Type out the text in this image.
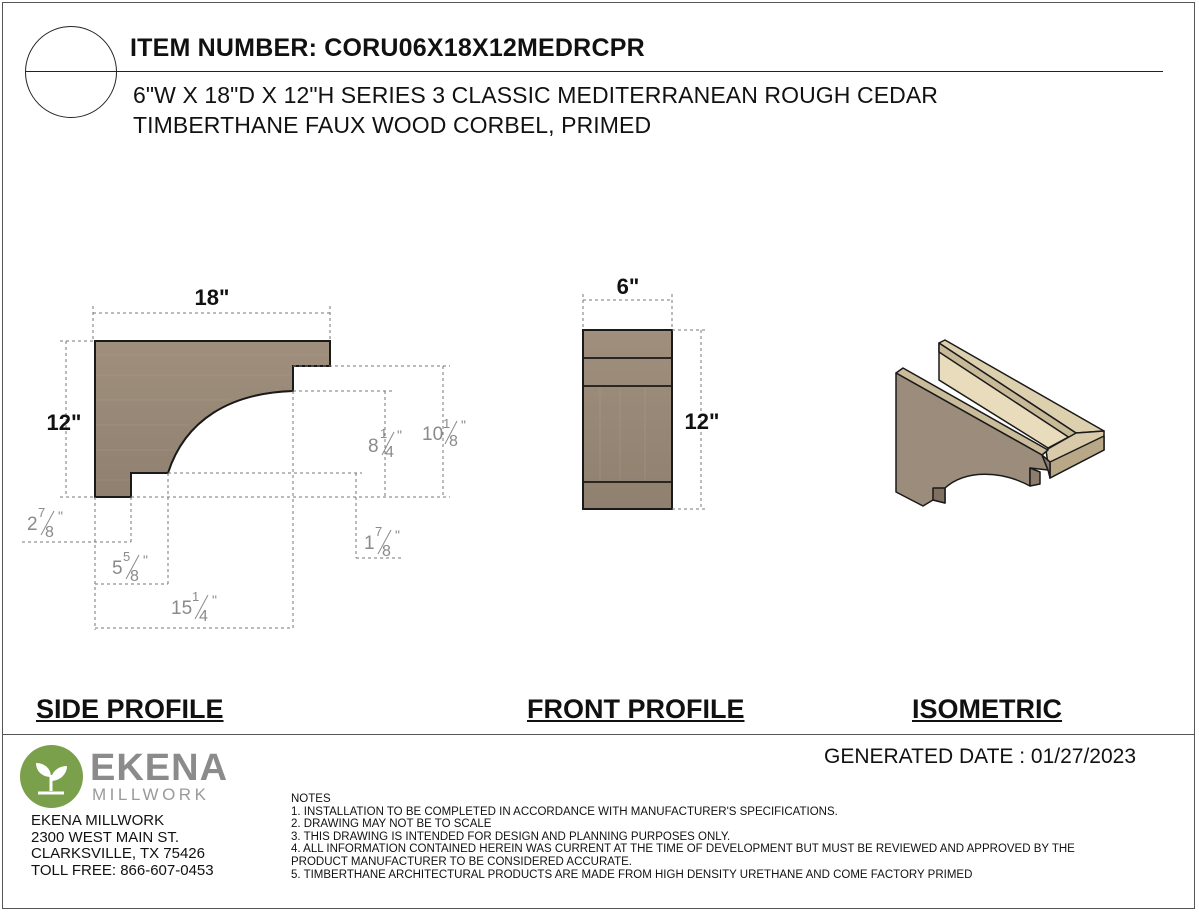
ITEM NUMBER: CORU06X18X12MEDRCPR
6"W X 18"D X 12"H SERIES 3 CLASSIC MEDITERRANEAN ROUGH CEDAR
TIMBERTHANE FAUX WOOD CORBEL, PRIMED
18"
12"
8
1
4
" 10
1
8
"
2
7
8
"
1
7
8
"
5
5
8
"
15
1
4
"
6"
12"
SIDE PROFILE	FRONT PROFILE	ISOMETRIC
GENERATED DATE : 01/27/2023
EKENA
MILLWORK
EKENA MILLWORK
2300 WEST MAIN ST.
CLARKSVILLE, TX 75426
TOLL FREE: 866-607-0453
NOTES
1. INSTALLATION TO BE COMPLETED IN ACCORDANCE WITH MANUFACTURER'S SPECIFICATIONS.
2. DRAWING MAY NOT BE TO SCALE
3. THIS DRAWING IS INTENDED FOR DESIGN AND PLANNING PURPOSES ONLY.
4. ALL INFORMATION CONTAINED HEREIN WAS CURRENT AT THE TIME OF DEVELOPMENT BUT MUST BE REVIEWED AND APPROVED BY THE
PRODUCT MANUFACTURER TO BE CONSIDERED ACCURATE.
5. TIMBERTHANE ARCHITECTURAL PRODUCTS ARE MADE FROM HIGH DENSITY URETHANE AND COME FACTORY PRIMED
